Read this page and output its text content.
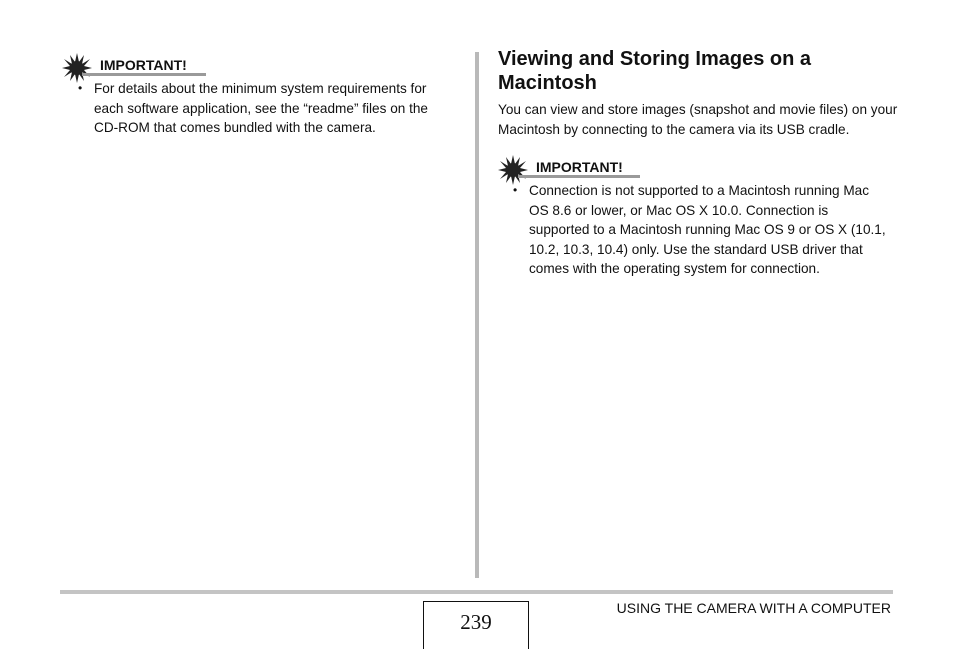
IMPORTANT!
• For details about the minimum system requirements for each software application, see the “readme” files on the CD-ROM that comes bundled with the camera.
Viewing and Storing Images on a Macintosh

You can view and store images (snapshot and movie files) on your Macintosh by connecting to the camera via its USB cradle.

IMPORTANT!
• Connection is not supported to a Macintosh running Mac OS 8.6 or lower, or Mac OS X 10.0. Connection is supported to a Macintosh running Mac OS 9 or OS X (10.1, 10.2, 10.3, 10.4) only. Use the standard USB driver that comes with the operating system for connection.
239
USING THE CAMERA WITH A COMPUTER
